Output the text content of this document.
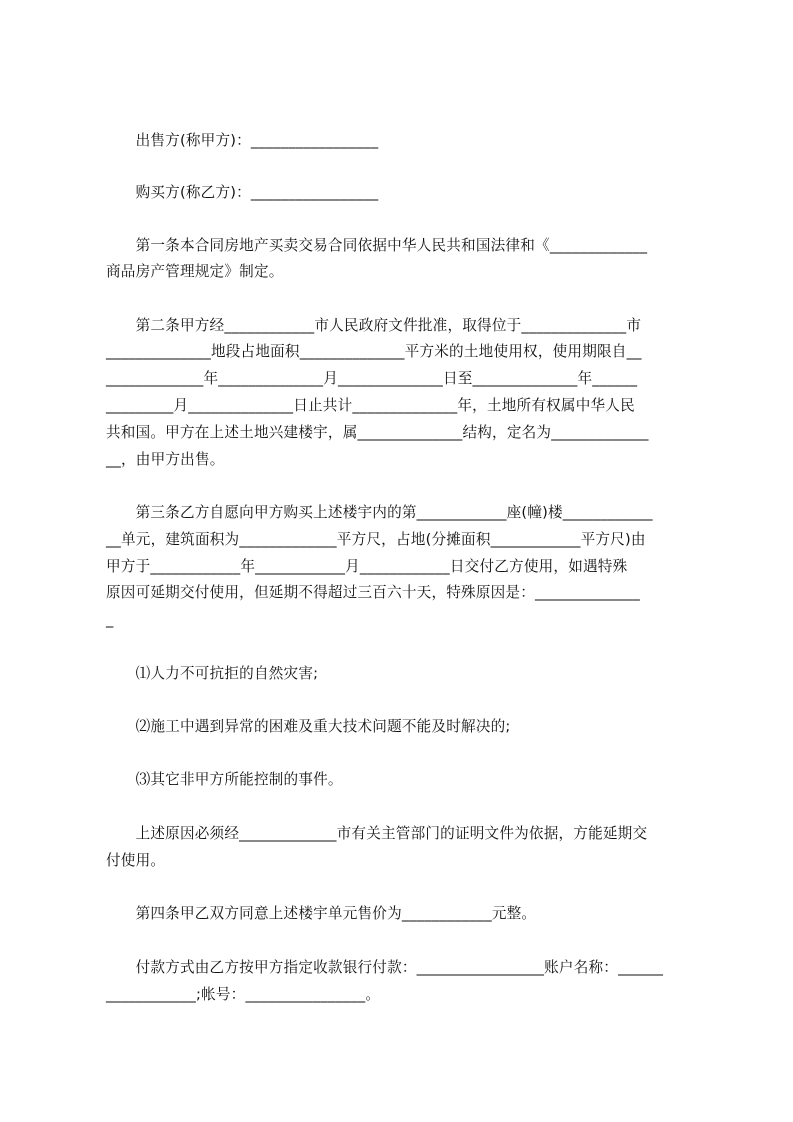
　　出售方(称甲方)：_________________
　　购买方(称乙方)：_________________
　　第一条本合同房地产买卖交易合同依据中华人民共和国法律和《_____________
商品房产管理规定》制定。
　　第二条甲方经____________市人民政府文件批准，取得位于______________市
______________地段占地面积______________平方米的土地使用权，使用期限自__
_____________年______________月______________日至______________年______
_________月______________日止共计______________年，土地所有权属中华人民
共和国。甲方在上述土地兴建楼宇，属______________结构，定名为_____________
__，由甲方出售。
　　第三条乙方自愿向甲方购买上述楼宇内的第____________座(幢)楼____________
__单元，建筑面积为_____________平方尺，占地(分摊面积____________平方尺)由
甲方于____________年____________月____________日交付乙方使用，如遇特殊
原因可延期交付使用，但延期不得超过三百六十天，特殊原因是：______________
_
　　⑴人力不可抗拒的自然灾害;
　　⑵施工中遇到异常的困难及重大技术问题不能及时解决的;
　　⑶其它非甲方所能控制的事件。
　　上述原因必须经_____________市有关主管部门的证明文件为依据，方能延期交
付使用。
　　第四条甲乙双方同意上述楼宇单元售价为____________元整。
　　付款方式由乙方按甲方指定收款银行付款：_________________账户名称：______
____________;帐号：________________。
